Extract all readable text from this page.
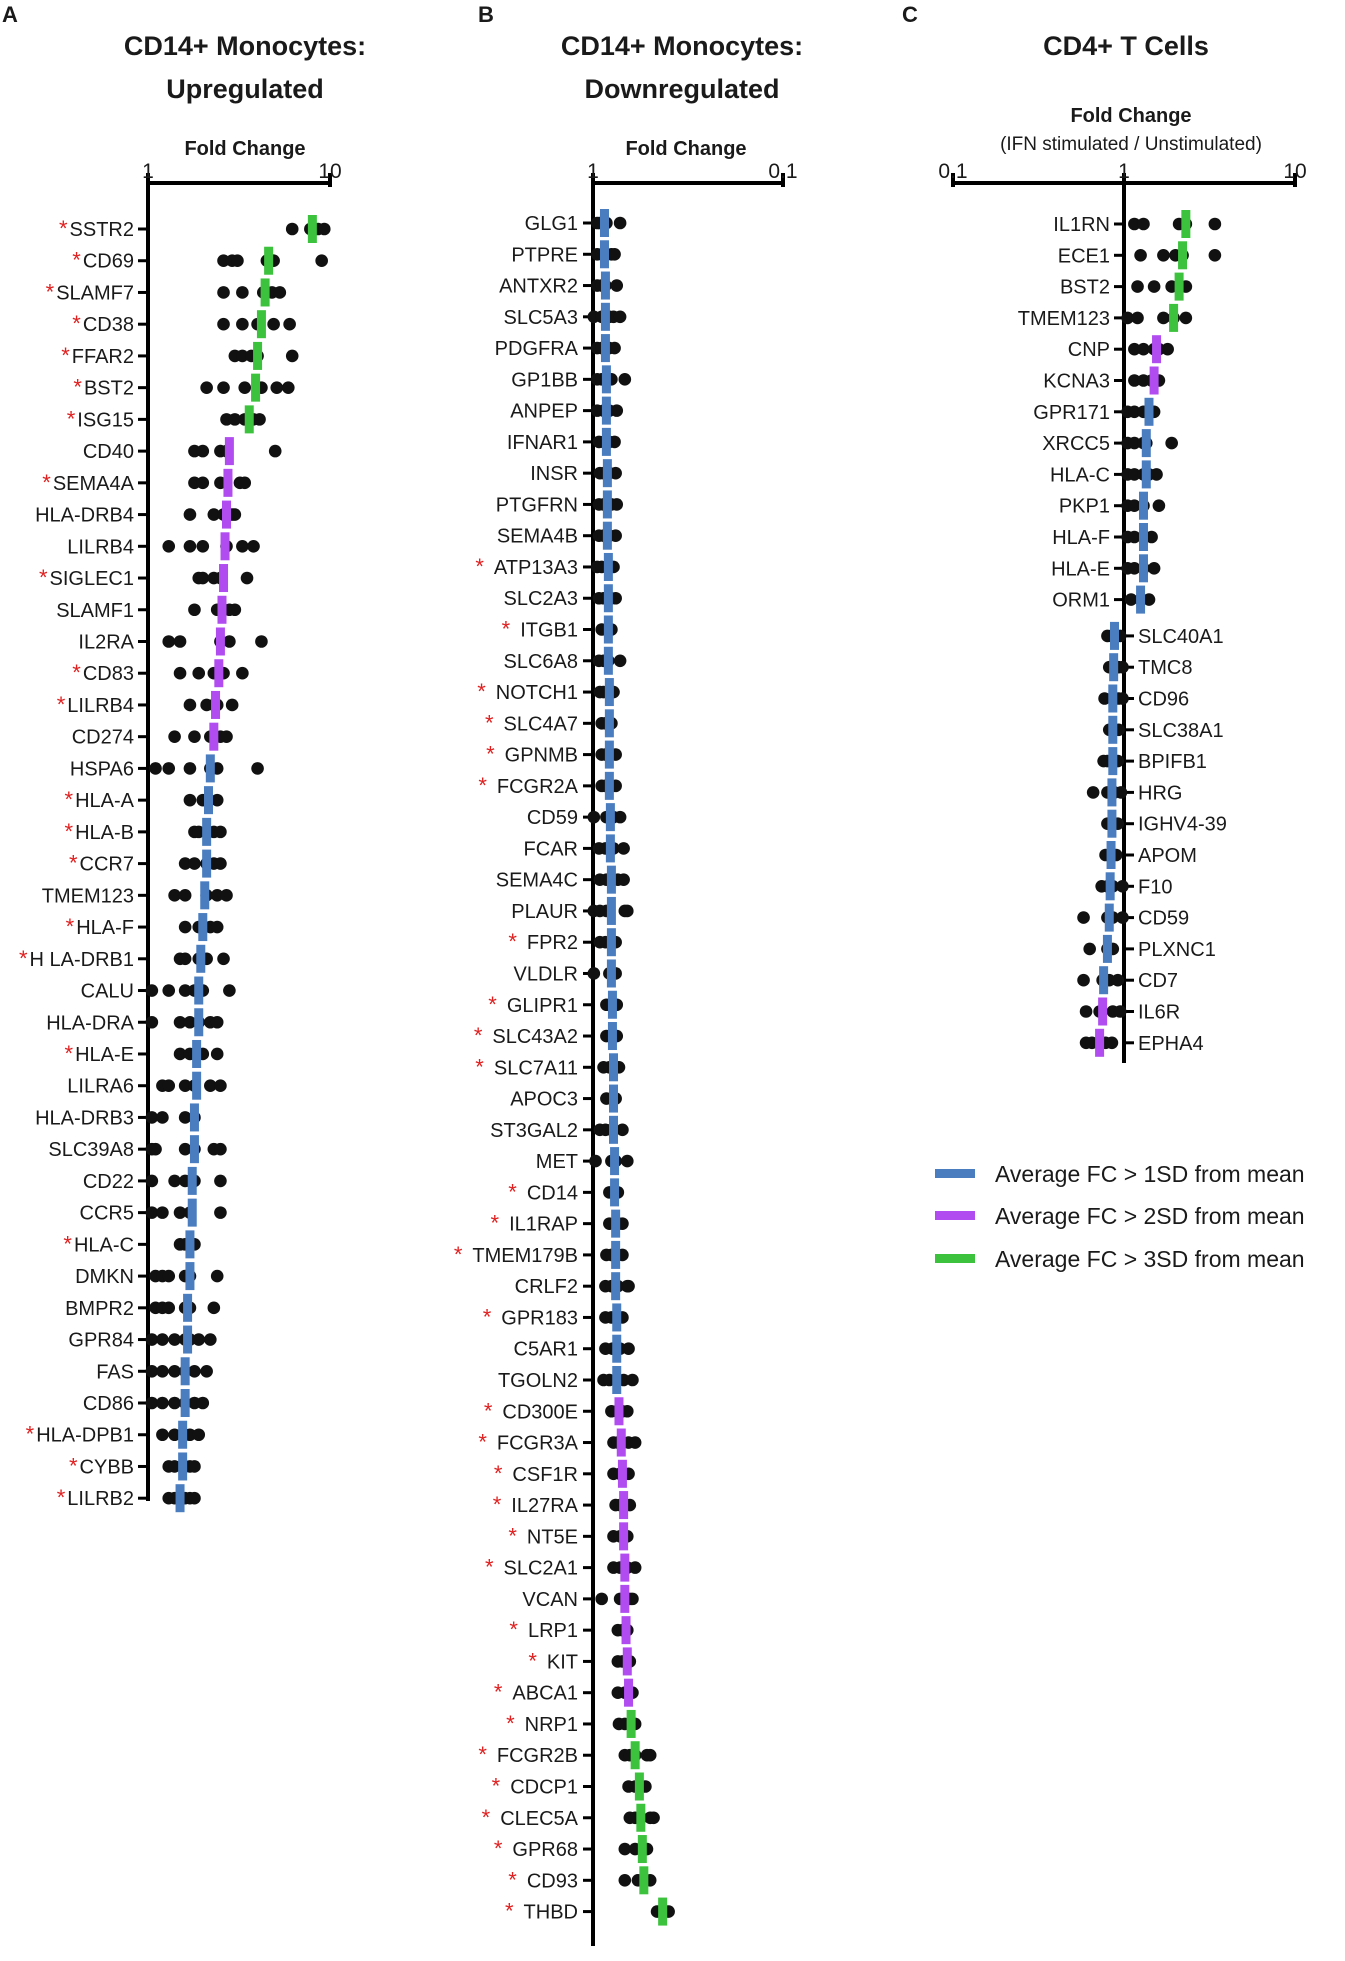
A
CD14+ Monocytes:
Upregulated
Fold Change
1	10
SSTR2
*
CD69
*
SLAMF7
*
CD38
*
FFAR2
*
BST2
*
ISG15
*
CD40
SEMA4A
*
HLA-DRB4
LILRB4
SIGLEC1
*
SLAMF1
IL2RA
CD83
*
LILRB4
*
CD274
HSPA6
HLA-A
*
HLA-B
*
CCR7
*
TMEM123
HLA-F
*
H LA-DRB1
*
CALU
HLA-DRA
HLA-E
*
LILRA6
HLA-DRB3
SLC39A8
CD22
CCR5
HLA-C
*
DMKN
BMPR2
GPR84
FAS
CD86
HLA-DPB1
*
CYBB
*
LILRB2
*
B
CD14+ Monocytes:
Downregulated
Fold Change
1	0.1
GLG1
PTPRE
ANTXR2
SLC5A3
PDGFRA
GP1BB
ANPEP
IFNAR1
INSR
PTGFRN
SEMA4B
ATP13A3
*
SLC2A3
ITGB1
*
SLC6A8
NOTCH1
*
SLC4A7
*
GPNMB
*
FCGR2A
*
CD59
FCAR
SEMA4C
PLAUR
FPR2
*
VLDLR
GLIPR1
*
SLC43A2
*
SLC7A11
*
APOC3
ST3GAL2
MET
CD14
*
IL1RAP
*
TMEM179B
*
CRLF2
GPR183
*
C5AR1
TGOLN2
CD300E
*
FCGR3A
*
CSF1R
*
IL27RA
*
NT5E
*
SLC2A1
*
VCAN
LRP1
*
KIT
*
ABCA1
*
NRP1
*
FCGR2B
*
CDCP1
*
CLEC5A
*
GPR68
*
CD93
*
THBD
*
C
CD4+ T Cells
Fold Change
(IFN stimulated / Unstimulated)
0.1	1	10
IL1RN
ECE1
BST2
TMEM123
CNP
KCNA3
GPR171
XRCC5
HLA-C
PKP1
HLA-F
HLA-E
ORM1
SLC40A1
TMC8
CD96
SLC38A1
BPIFB1
HRG
IGHV4-39
APOM
F10
CD59
PLXNC1
CD7
IL6R
EPHA4
Average FC > 1SD from mean
Average FC > 2SD from mean
Average FC > 3SD from mean
